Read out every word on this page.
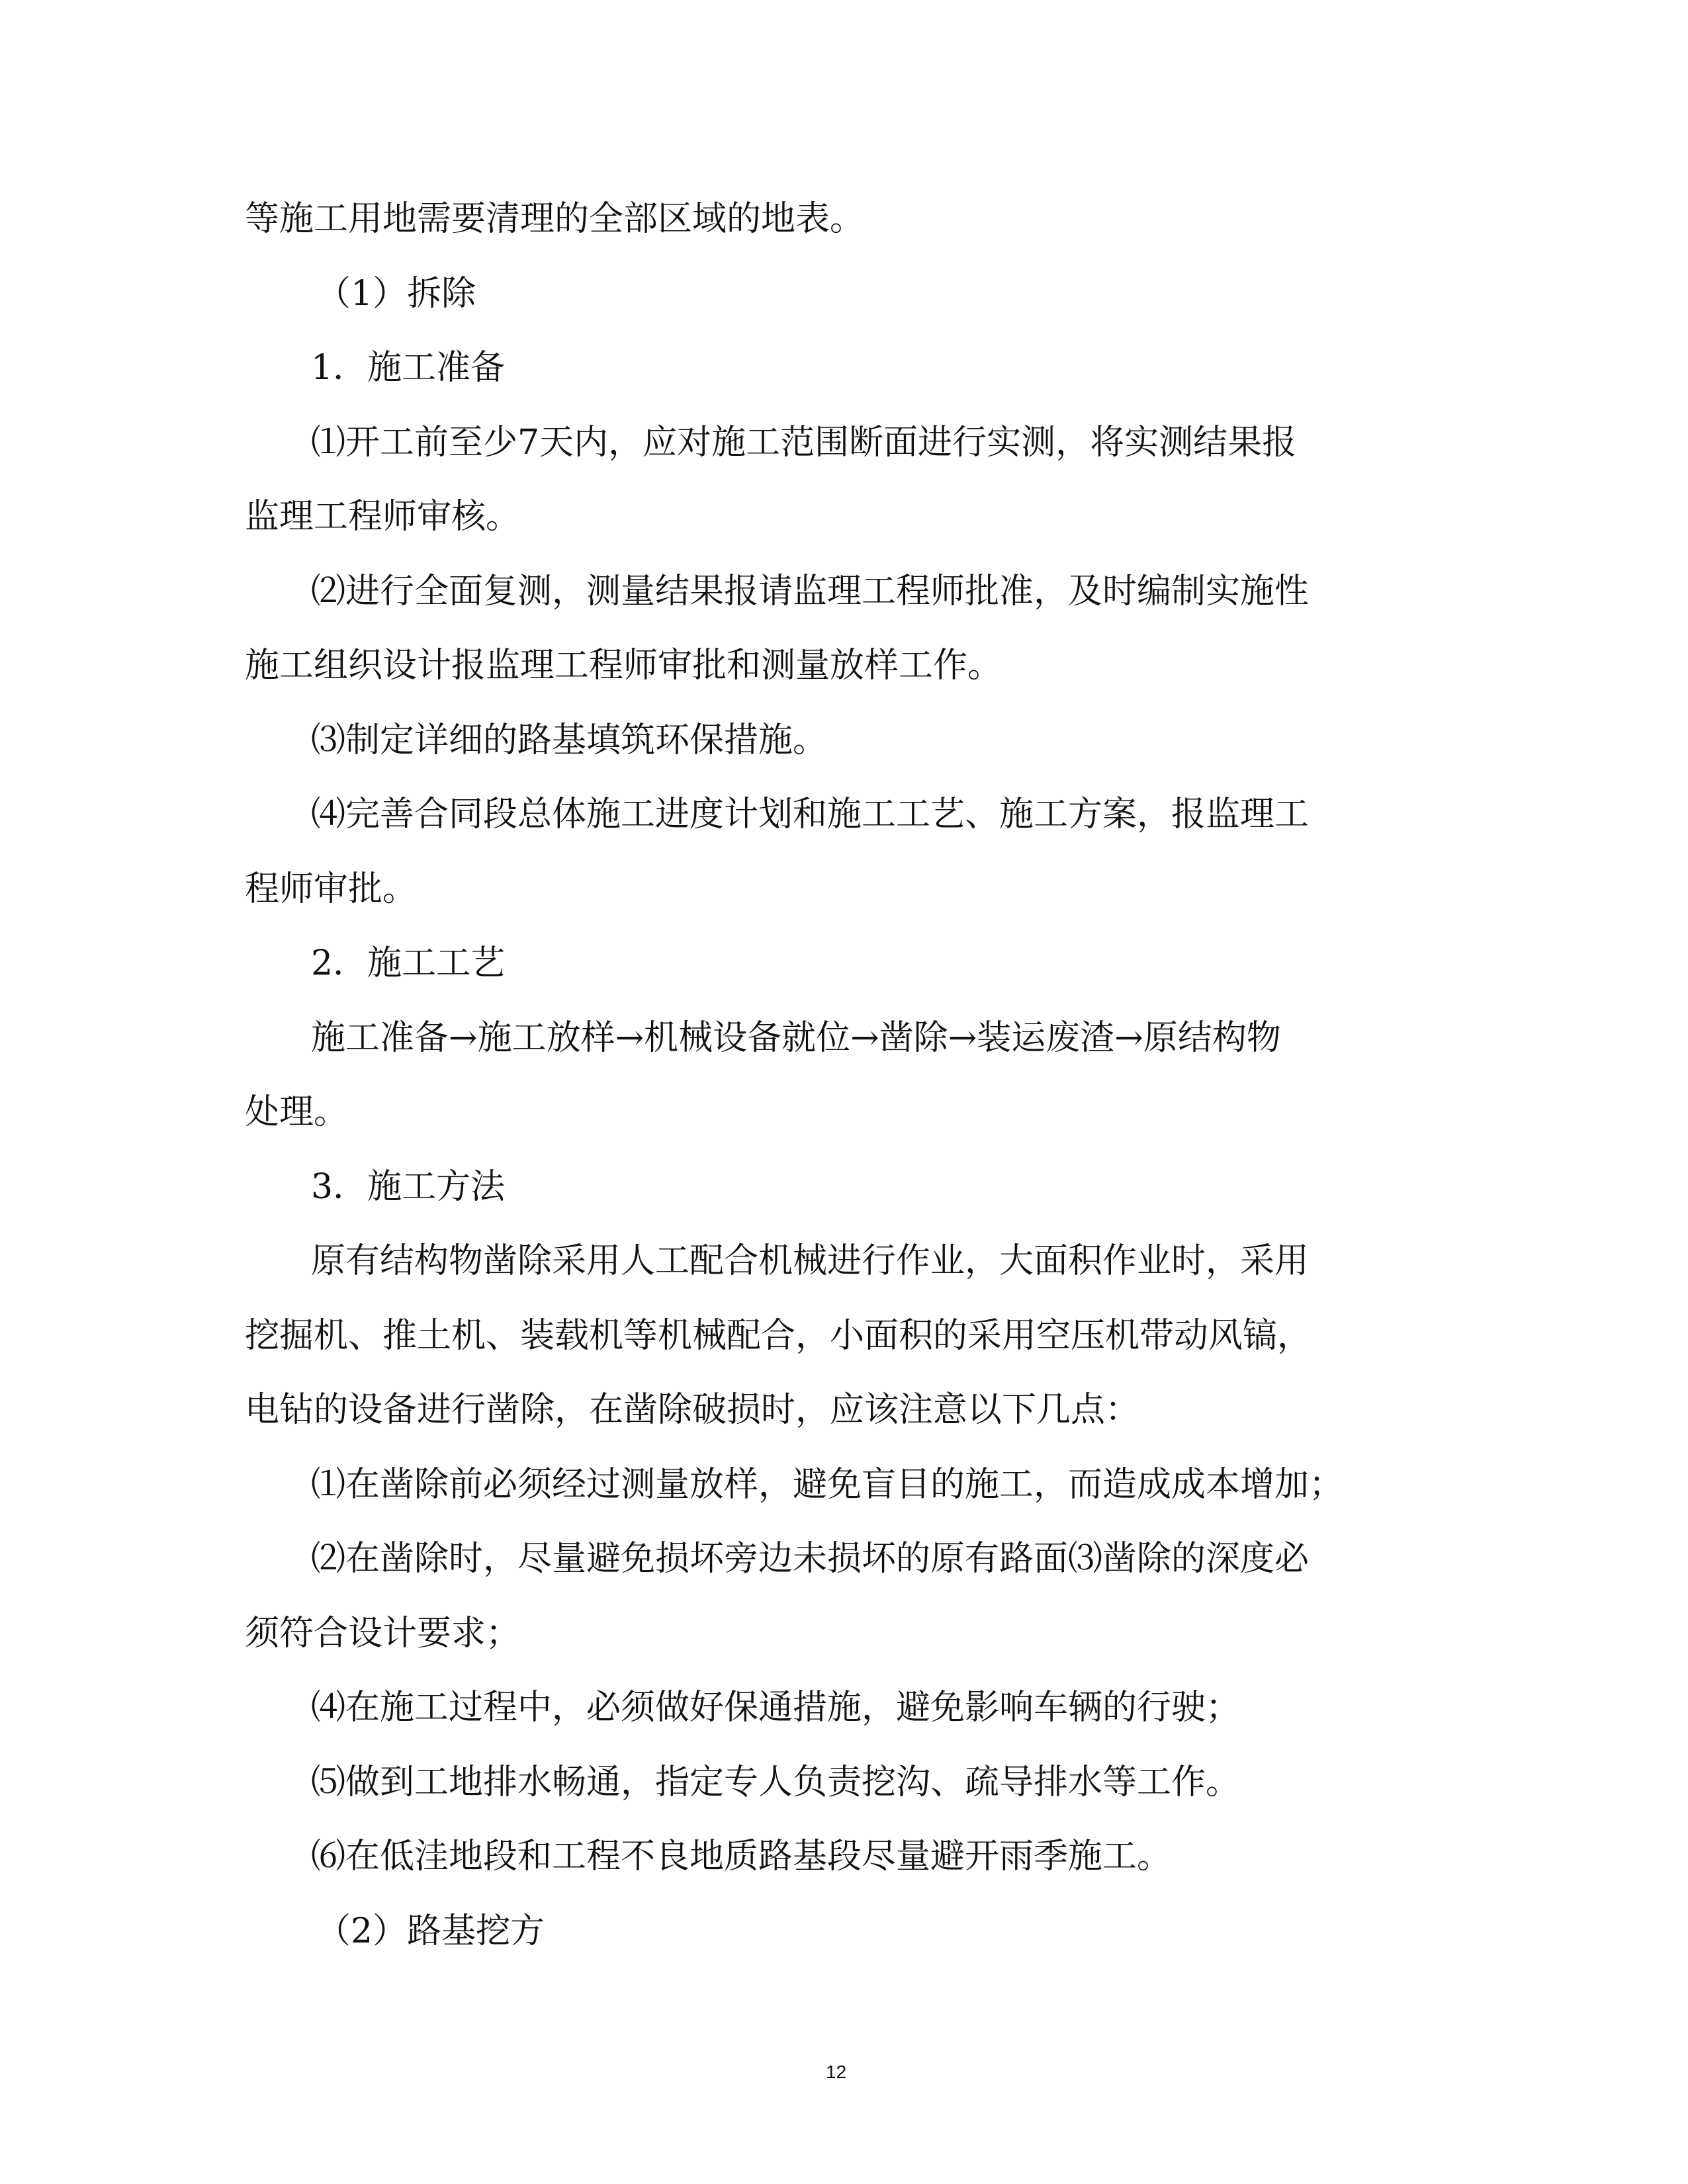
等施工用地需要清理的全部区域的地表。
（1）拆除
1．施工准备
⑴开工前至少7天内，应对施工范围断面进行实测，将实测结果报
监理工程师审核。
⑵进行全面复测，测量结果报请监理工程师批准，及时编制实施性
施工组织设计报监理工程师审批和测量放样工作。
⑶制定详细的路基填筑环保措施。
⑷完善合同段总体施工进度计划和施工工艺、施工方案，报监理工
程师审批。
2．施工工艺
施工准备→施工放样→机械设备就位→凿除→装运废渣→原结构物
处理。
3．施工方法
原有结构物凿除采用人工配合机械进行作业，大面积作业时，采用
挖掘机、推土机、装载机等机械配合，小面积的采用空压机带动风镐，
电钻的设备进行凿除，在凿除破损时，应该注意以下几点：
⑴在凿除前必须经过测量放样，避免盲目的施工，而造成成本增加；
⑵在凿除时，尽量避免损坏旁边未损坏的原有路面⑶凿除的深度必
须符合设计要求；
⑷在施工过程中，必须做好保通措施，避免影响车辆的行驶；
⑸做到工地排水畅通，指定专人负责挖沟、疏导排水等工作。
⑹在低洼地段和工程不良地质路基段尽量避开雨季施工。
（2）路基挖方
12
